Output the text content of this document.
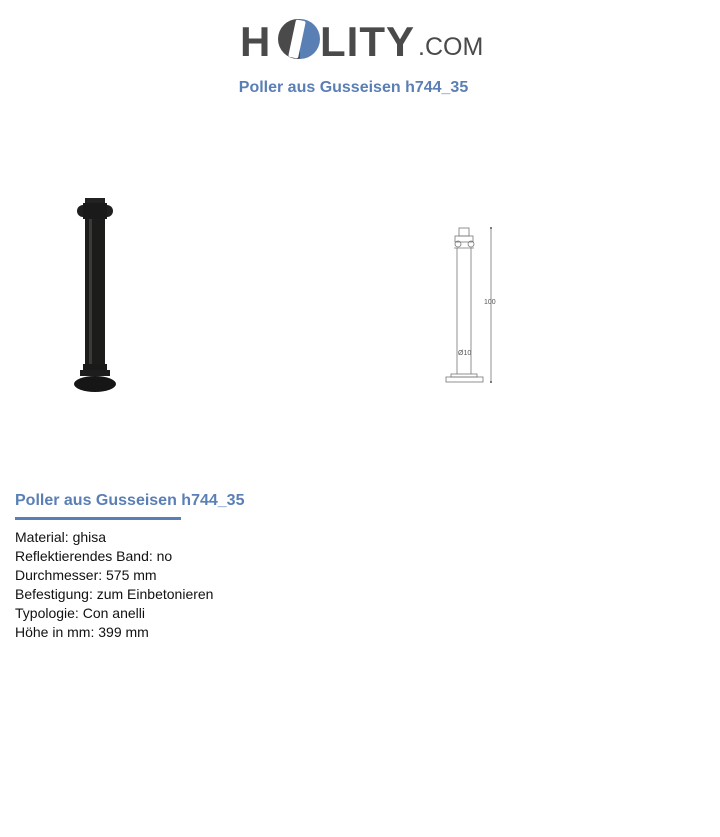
H LITY .COM
Poller aus Gusseisen h744_35
100
Ø10
Poller aus Gusseisen h744_35
Material: ghisa
Reflektierendes Band: no
Durchmesser: 575 mm
Befestigung: zum Einbetonieren
Typologie: Con anelli
Höhe in mm: 399 mm
